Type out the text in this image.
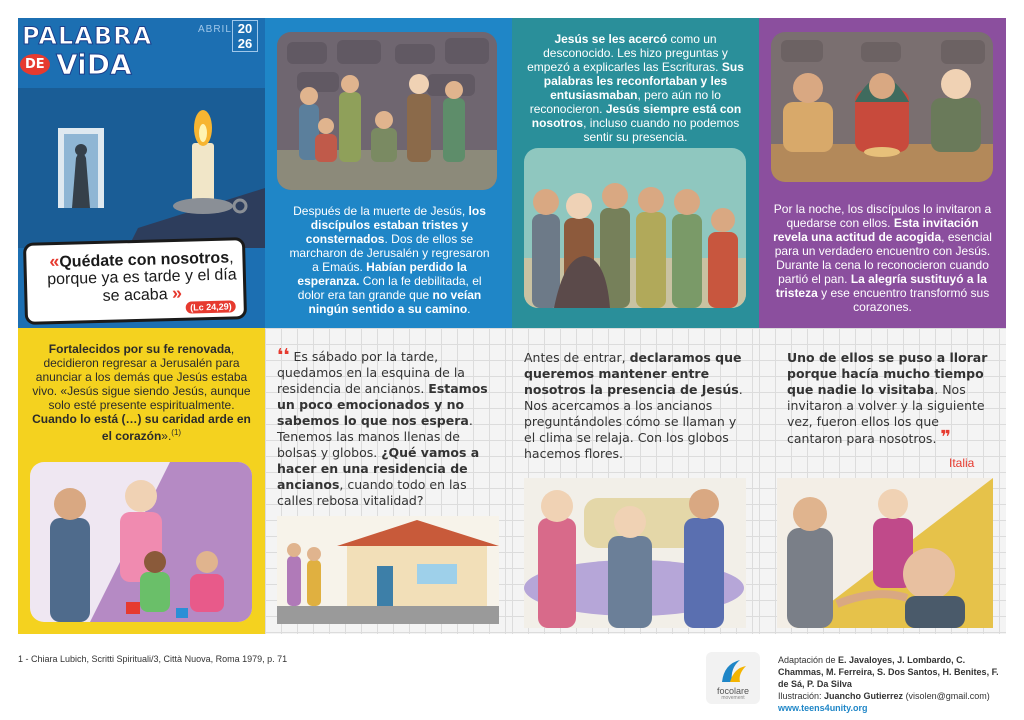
PALABRA
DE ViDA
ABRIL 20
26
«Quédate con nosotros, porque ya es tarde y el día se acaba »
(Lc 24,29)
Después de la muerte de Jesús, los discípulos estaban tristes y consternados. Dos de ellos se marcharon de Jerusalén y regresaron a Emaús. Habían perdido la esperanza. Con la fe debilitada, el dolor era tan grande que no veían ningún sentido a su camino.
Jesús se les acercó como un desconocido. Les hizo preguntas y empezó a explicarles las Escrituras. Sus palabras les reconfortaban y les entusiasmaban, pero aún no lo reconocieron. Jesús siempre está con nosotros, incluso cuando no podemos sentir su presencia.
Por la noche, los discípulos lo invitaron a quedarse con ellos. Esta invitación revela una actitud de acogida, esencial para un verdadero encuentro con Jesús. Durante la cena lo reconocieron cuando partió el pan. La alegría sustituyó a la tristeza y ese encuentro transformó sus corazones.
Fortalecidos por su fe renovada, decidieron regresar a Jerusalén para anunciar a los demás que Jesús estaba vivo. «Jesús sigue siendo Jesús, aunque solo esté presente espiritualmente. Cuando lo está (…) su caridad arde en el corazón».$^{(1)}$
❛❛ Es sábado por la tarde, quedamos en la esquina de la residencia de ancianos. Estamos un poco emocionados y no sabemos lo que nos espera. Tenemos las manos llenas de bolsas y globos. ¿Qué vamos a hacer en una residencia de ancianos, cuando todo en las calles rebosa vitalidad?
Antes de entrar, declaramos que queremos mantener entre nosotros la presencia de Jesús. Nos acercamos a los ancianos preguntándoles cómo se llaman y el clima se relaja. Con los globos hacemos flores.
Uno de ellos se puso a llorar porque hacía mucho tiempo que nadie lo visitaba. Nos invitaron a volver y la siguiente vez, fueron ellos los que cantaron para nosotros. ❞
Italia
1 - Chiara Lubich, Scritti Spirituali/3, Città Nuova, Roma 1979, p. 71
focolare
movement
Adaptación de E. Javaloyes, J. Lombardo, C. Chammas, M. Ferreira, S. Dos Santos, H. Benites, F. de Sá, P. Da Silva
Ilustración: Juancho Gutierrez (visolen@gmail.com)
www.teens4unity.org
